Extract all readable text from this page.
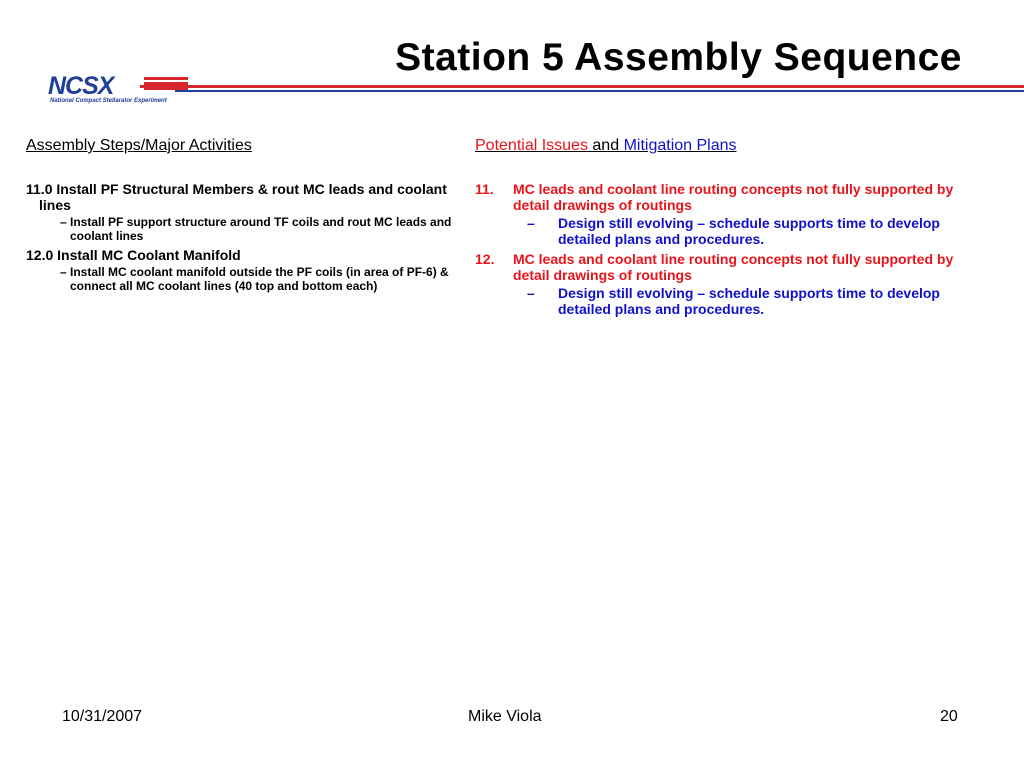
Station 5 Assembly Sequence
NCSX
National Compact Stellarator Experiment
Assembly Steps/Major Activities
11.0 Install PF Structural Members & rout MC leads and coolant lines
– Install PF support structure around TF coils and rout MC leads and coolant lines
12.0 Install MC Coolant Manifold
– Install MC coolant manifold outside the PF coils (in area of PF-6) & connect all MC coolant lines (40 top and bottom each)
Potential Issues and Mitigation Plans
11. MC leads and coolant line routing concepts not fully supported by detail drawings of routings
– Design still evolving – schedule supports time to develop detailed plans and procedures.
12. MC leads and coolant line routing concepts not fully supported by detail drawings of routings
– Design still evolving – schedule supports time to develop detailed plans and procedures.
10/31/2007	Mike Viola	20
